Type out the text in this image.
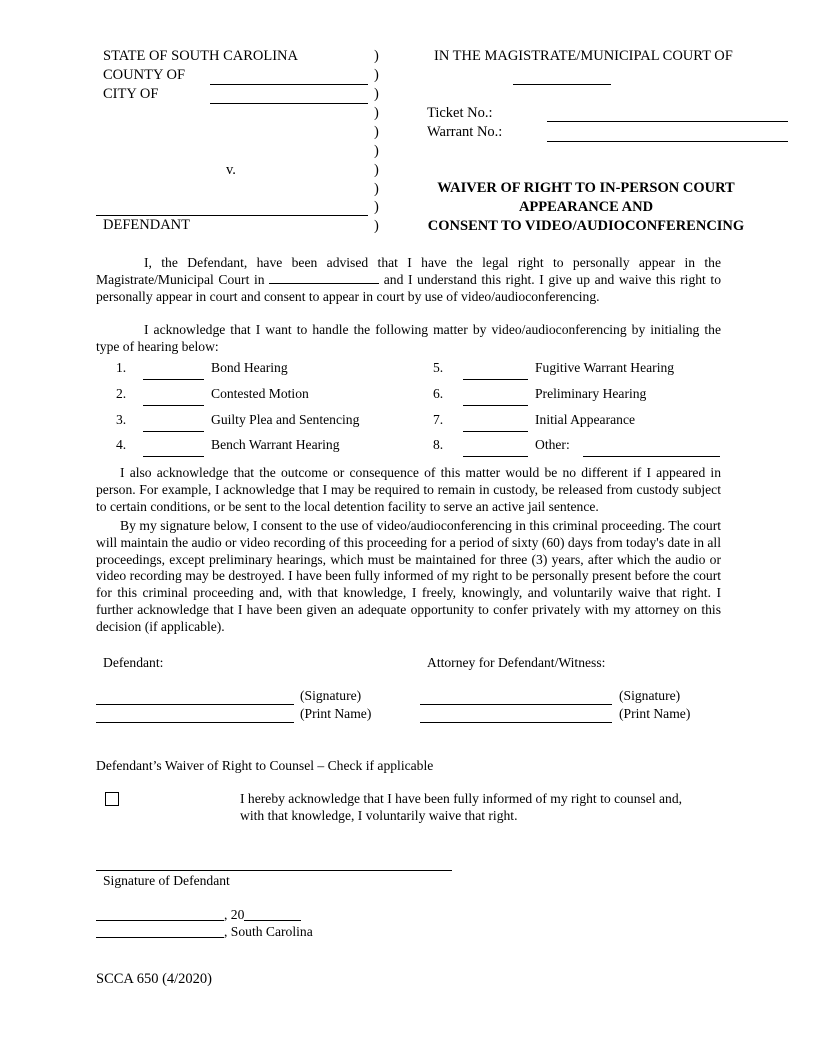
STATE OF SOUTH CAROLINA
COUNTY OF
CITY OF
v.
DEFENDANT
)
)
)
)
)
)
)
)
)
)
IN THE MAGISTRATE/MUNICIPAL COURT OF
Ticket No.:
Warrant No.:
WAIVER OF RIGHT TO IN-PERSON COURT
APPEARANCE AND
CONSENT TO VIDEO/AUDIOCONFERENCING
I, the Defendant, have been advised that I have the legal right to personally appear in the Magistrate/Municipal Court in	and I understand this right. I give up and waive this right to personally appear in court and consent to appear in court by use of video/audioconferencing.
I acknowledge that I want to handle the following matter by video/audioconferencing by initialing the type of hearing below:
1.	Bond Hearing
2.	Contested Motion
3.	Guilty Plea and Sentencing
4.	Bench Warrant Hearing
5.	Fugitive Warrant Hearing
6.	Preliminary Hearing
7.	Initial Appearance
8.	Other:
I also acknowledge that the outcome or consequence of this matter would be no different if I appeared in person. For example, I acknowledge that I may be required to remain in custody, be released from custody subject to certain conditions, or be sent to the local detention facility to serve an active jail sentence.
By my signature below, I consent to the use of video/audioconferencing in this criminal proceeding. The court will maintain the audio or video recording of this proceeding for a period of sixty (60) days from today's date in all proceedings, except preliminary hearings, which must be maintained for three (3) years, after which the audio or video recording may be destroyed. I have been fully informed of my right to be personally present before the court for this criminal proceeding and, with that knowledge, I freely, knowingly, and voluntarily waive that right. I further acknowledge that I have been given an adequate opportunity to confer privately with my attorney on this decision (if applicable).
Defendant:	Attorney for Defendant/Witness:
(Signature)
(Print Name)
(Signature)
(Print Name)
Defendant’s Waiver of Right to Counsel – Check if applicable
I hereby acknowledge that I have been fully informed of my right to counsel and,
with that knowledge, I voluntarily waive that right.
Signature of Defendant
, 20
, South Carolina
SCCA 650 (4/2020)
